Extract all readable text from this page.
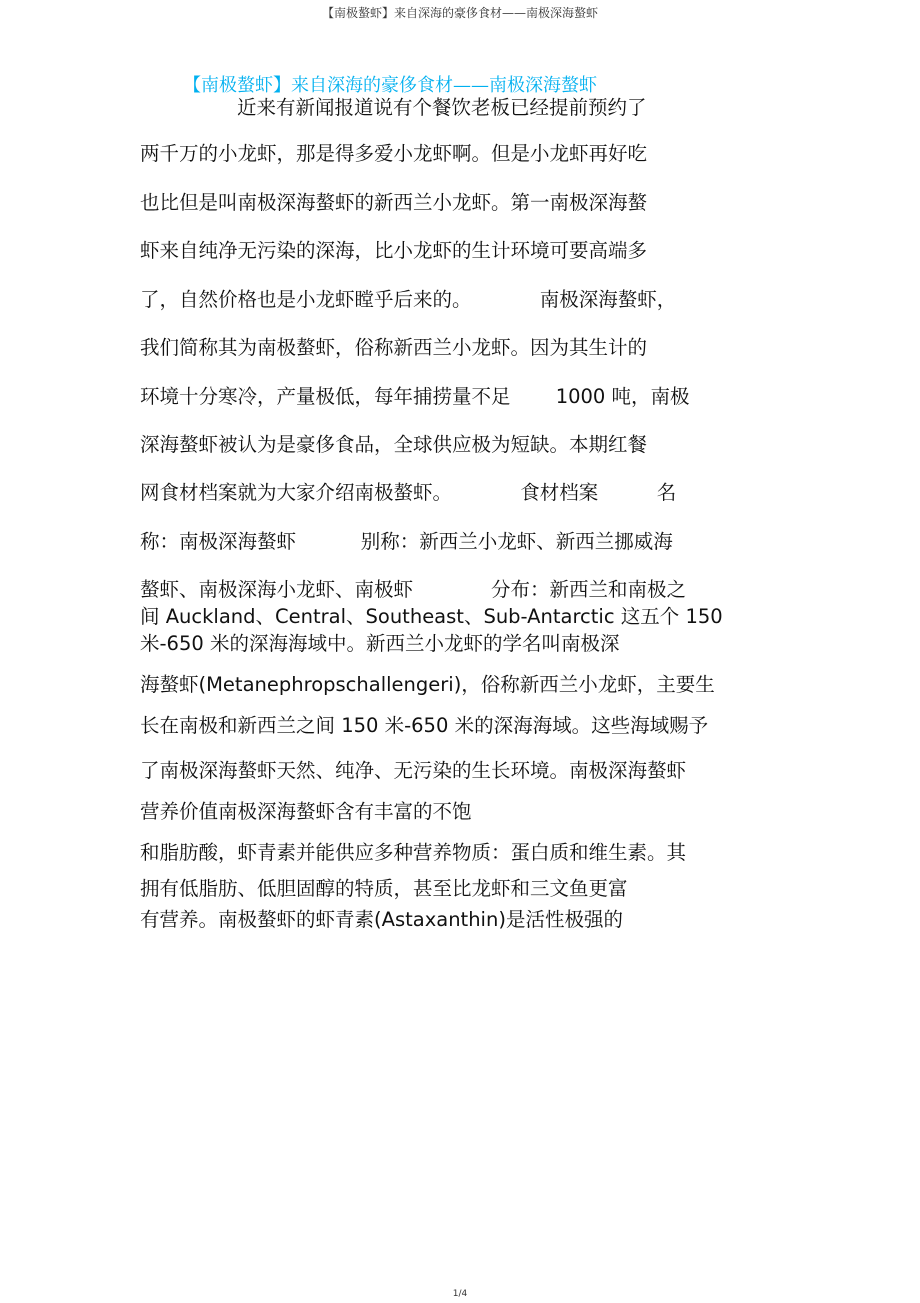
【南极螯虾】来自深海的豪侈食材——南极深海螯虾
【南极螯虾】来自深海的豪侈食材——南极深海螯虾
近来有新闻报道说有个餐饮老板已经提前预约了
两千万的小龙虾，那是得多爱小龙虾啊。但是小龙虾再好吃
也比但是叫南极深海螯虾的新西兰小龙虾。第一南极深海螯
虾来自纯净无污染的深海，比小龙虾的生计环境可要高端多
了，自然价格也是小龙虾瞠乎后来的。　　　　南极深海螯虾，
我们简称其为南极螯虾，俗称新西兰小龙虾。因为其生计的
环境十分寒冷，产量极低，每年捕捞量不足　　 1000 吨，南极
深海螯虾被认为是豪侈食品，全球供应极为短缺。本期红餐
网食材档案就为大家介绍南极螯虾。　　　　食材档案　　　名
称：南极深海螯虾　　　 别称：新西兰小龙虾、新西兰挪威海
螯虾、南极深海小龙虾、南极虾　　　　分布：新西兰和南极之
间 Auckland、Central、Southeast、Sub-Antarctic 这五个 150
米-650 米的深海海域中。新西兰小龙虾的学名叫南极深
海螯虾(Metanephropschallengeri)，俗称新西兰小龙虾，主要生
长在南极和新西兰之间 150 米-650 米的深海海域。这些海域赐予
了南极深海螯虾天然、纯净、无污染的生长环境。南极深海螯虾
营养价值南极深海螯虾含有丰富的不饱
和脂肪酸，虾青素并能供应多种营养物质：蛋白质和维生素。其
拥有低脂肪、低胆固醇的特质，甚至比龙虾和三文鱼更富
有营养。南极螯虾的虾青素(Astaxanthin)是活性极强的
1/4
